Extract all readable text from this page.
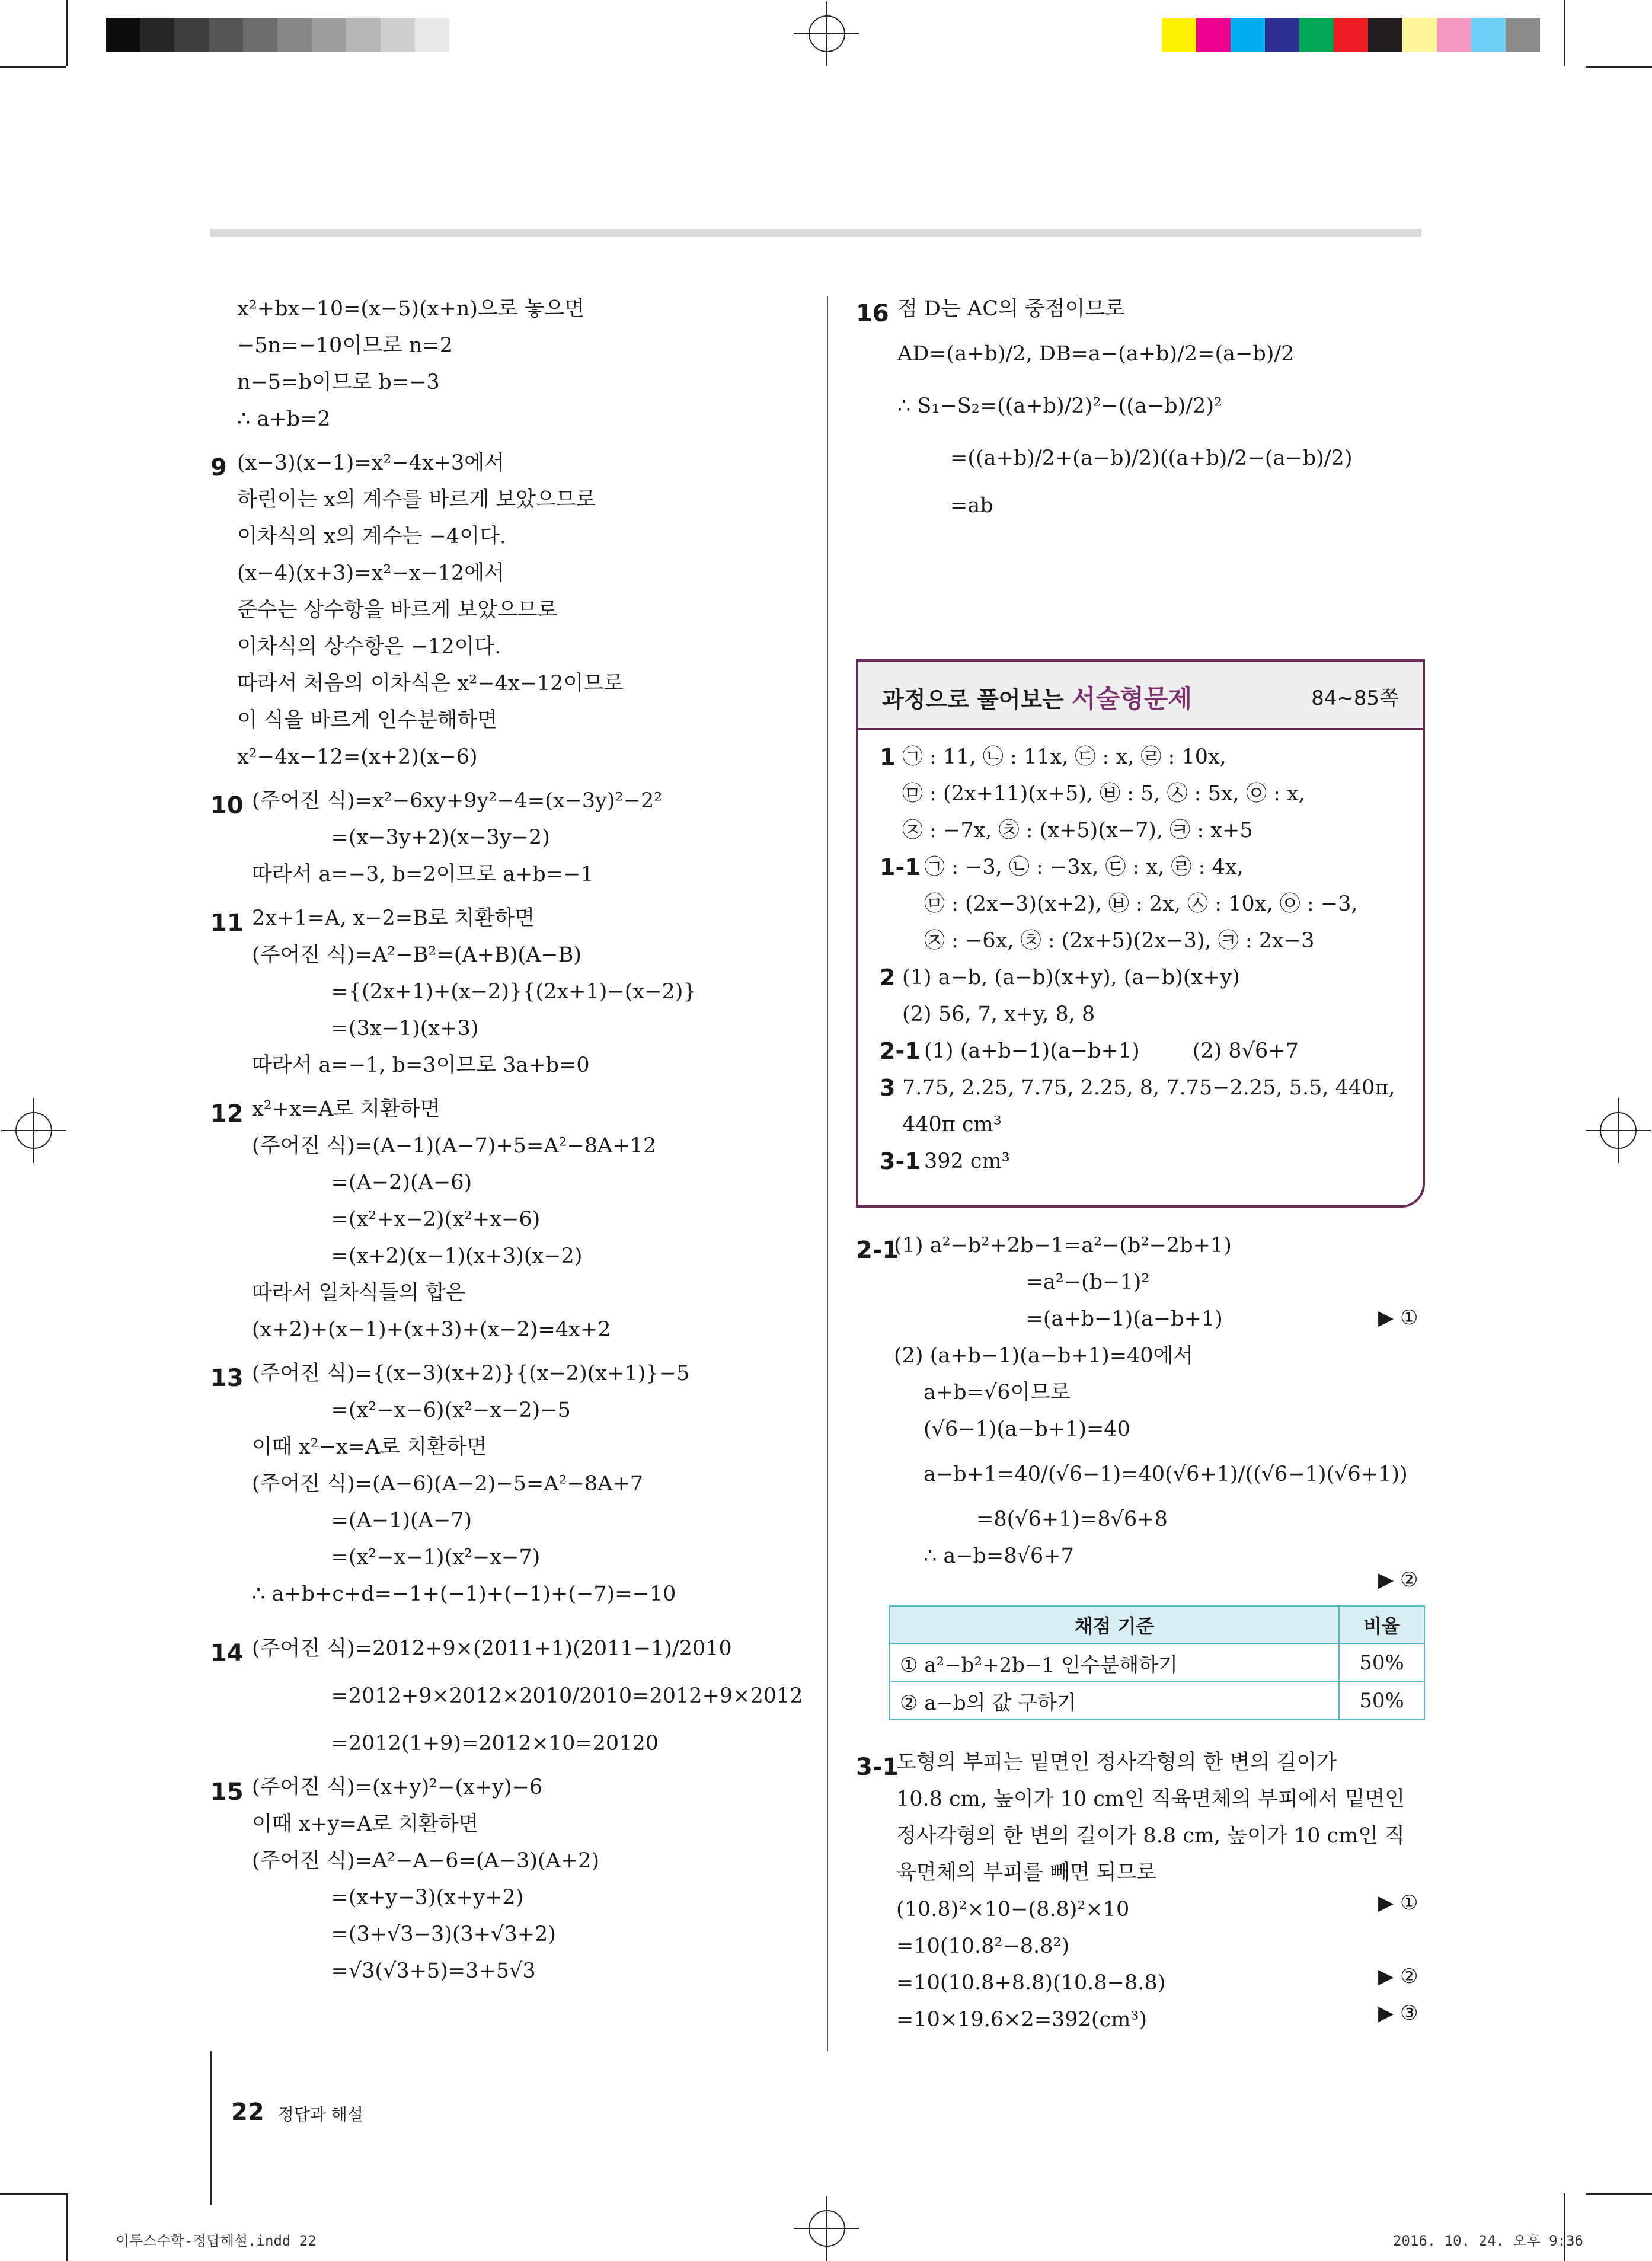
x²+bx−10=(x−5)(x+n)으로 놓으면
−5n=−10이므로 n=2
n−5=b이므로 b=−3
∴ a+b=2
9 (x−3)(x−1)=x²−4x+3에서
하린이는 x의 계수를 바르게 보았으므로
이차식의 x의 계수는 −4이다.
(x−4)(x+3)=x²−x−12에서
준수는 상수항을 바르게 보았으므로
이차식의 상수항은 −12이다.
따라서 처음의 이차식은 x²−4x−12이므로
이 식을 바르게 인수분해하면
x²−4x−12=(x+2)(x−6)
10 (주어진 식)=x²−6xy+9y²−4=(x−3y)²−2²
=(x−3y+2)(x−3y−2)
따라서 a=−3, b=2이므로 a+b=−1
11 2x+1=A, x−2=B로 치환하면
(주어진 식)=A²−B²=(A+B)(A−B)
={(2x+1)+(x−2)}{(2x+1)−(x−2)}
=(3x−1)(x+3)
따라서 a=−1, b=3이므로 3a+b=0
12 x²+x=A로 치환하면
(주어진 식)=(A−1)(A−7)+5=A²−8A+12
=(A−2)(A−6)
=(x²+x−2)(x²+x−6)
=(x+2)(x−1)(x+3)(x−2)
따라서 일차식들의 합은
(x+2)+(x−1)+(x+3)+(x−2)=4x+2
13 (주어진 식)={(x−3)(x+2)}{(x−2)(x+1)}−5
=(x²−x−6)(x²−x−2)−5
이때 x²−x=A로 치환하면
(주어진 식)=(A−6)(A−2)−5=A²−8A+7
=(A−1)(A−7)
=(x²−x−1)(x²−x−7)
∴ a+b+c+d=−1+(−1)+(−1)+(−7)=−10
14 (주어진 식)=2012+9×(2011+1)(2011−1)/2010
=2012+9×2012×2010/2010=2012+9×2012
=2012(1+9)=2012×10=20120
15 (주어진 식)=(x+y)²−(x+y)−6
이때 x+y=A로 치환하면
(주어진 식)=A²−A−6=(A−3)(A+2)
=(x+y−3)(x+y+2)
=(3+√3−3)(3+√3+2)
=√3(√3+5)=3+5√3
16 점 D는 AC의 중점이므로
AD=(a+b)/2, DB=a−(a+b)/2=(a−b)/2
∴ S₁−S₂=((a+b)/2)²−((a−b)/2)²
=((a+b)/2+(a−b)/2)((a+b)/2−(a−b)/2)
=ab
과정으로 풀어보는 서술형문제	84∼85쪽
1 ㉠ : 11, ㉡ : 11x, ㉢ : x, ㉣ : 10x,
㉤ : (2x+11)(x+5), ㉥ : 5, ㉦ : 5x, ㉧ : x,
㉨ : −7x, ㉩ : (x+5)(x−7), ㉪ : x+5
1-1 ㉠ : −3, ㉡ : −3x, ㉢ : x, ㉣ : 4x,
㉤ : (2x−3)(x+2), ㉥ : 2x, ㉦ : 10x, ㉧ : −3,
㉨ : −6x, ㉩ : (2x+5)(2x−3), ㉪ : 2x−3
2 (1) a−b, (a−b)(x+y), (a−b)(x+y)
(2) 56, 7, x+y, 8, 8
2-1 (1) (a+b−1)(a−b+1)        (2) 8√6+7
3 7.75, 2.25, 7.75, 2.25, 8, 7.75−2.25, 5.5, 440π,
440π cm³
3-1 392 cm³
2-1
(1) a²−b²+2b−1=a²−(b²−2b+1)
=a²−(b−1)²
=(a+b−1)(a−b+1)
(2) (a+b−1)(a−b+1)=40에서
a+b=√6이므로
(√6−1)(a−b+1)=40
a−b+1=40/(√6−1)=40(√6+1)/((√6−1)(√6+1))
=8(√6+1)=8√6+8
∴ a−b=8√6+7
▶ ①
▶ ②
채점 기준	비율
① a²−b²+2b−1 인수분해하기	50%
② a−b의 값 구하기	50%
3-1
도형의 부피는 밑면인 정사각형의 한 변의 길이가
10.8 cm, 높이가 10 cm인 직육면체의 부피에서 밑면인
정사각형의 한 변의 길이가 8.8 cm, 높이가 10 cm인 직
육면체의 부피를 빼면 되므로
(10.8)²×10−(8.8)²×10
=10(10.8²−8.8²)
=10(10.8+8.8)(10.8−8.8)
=10×19.6×2=392(cm³)
▶ ①
▶ ②
▶ ③
22 정답과 해설
이투스수학-정답해설.indd 22	2016. 10. 24. 오후 9:36
